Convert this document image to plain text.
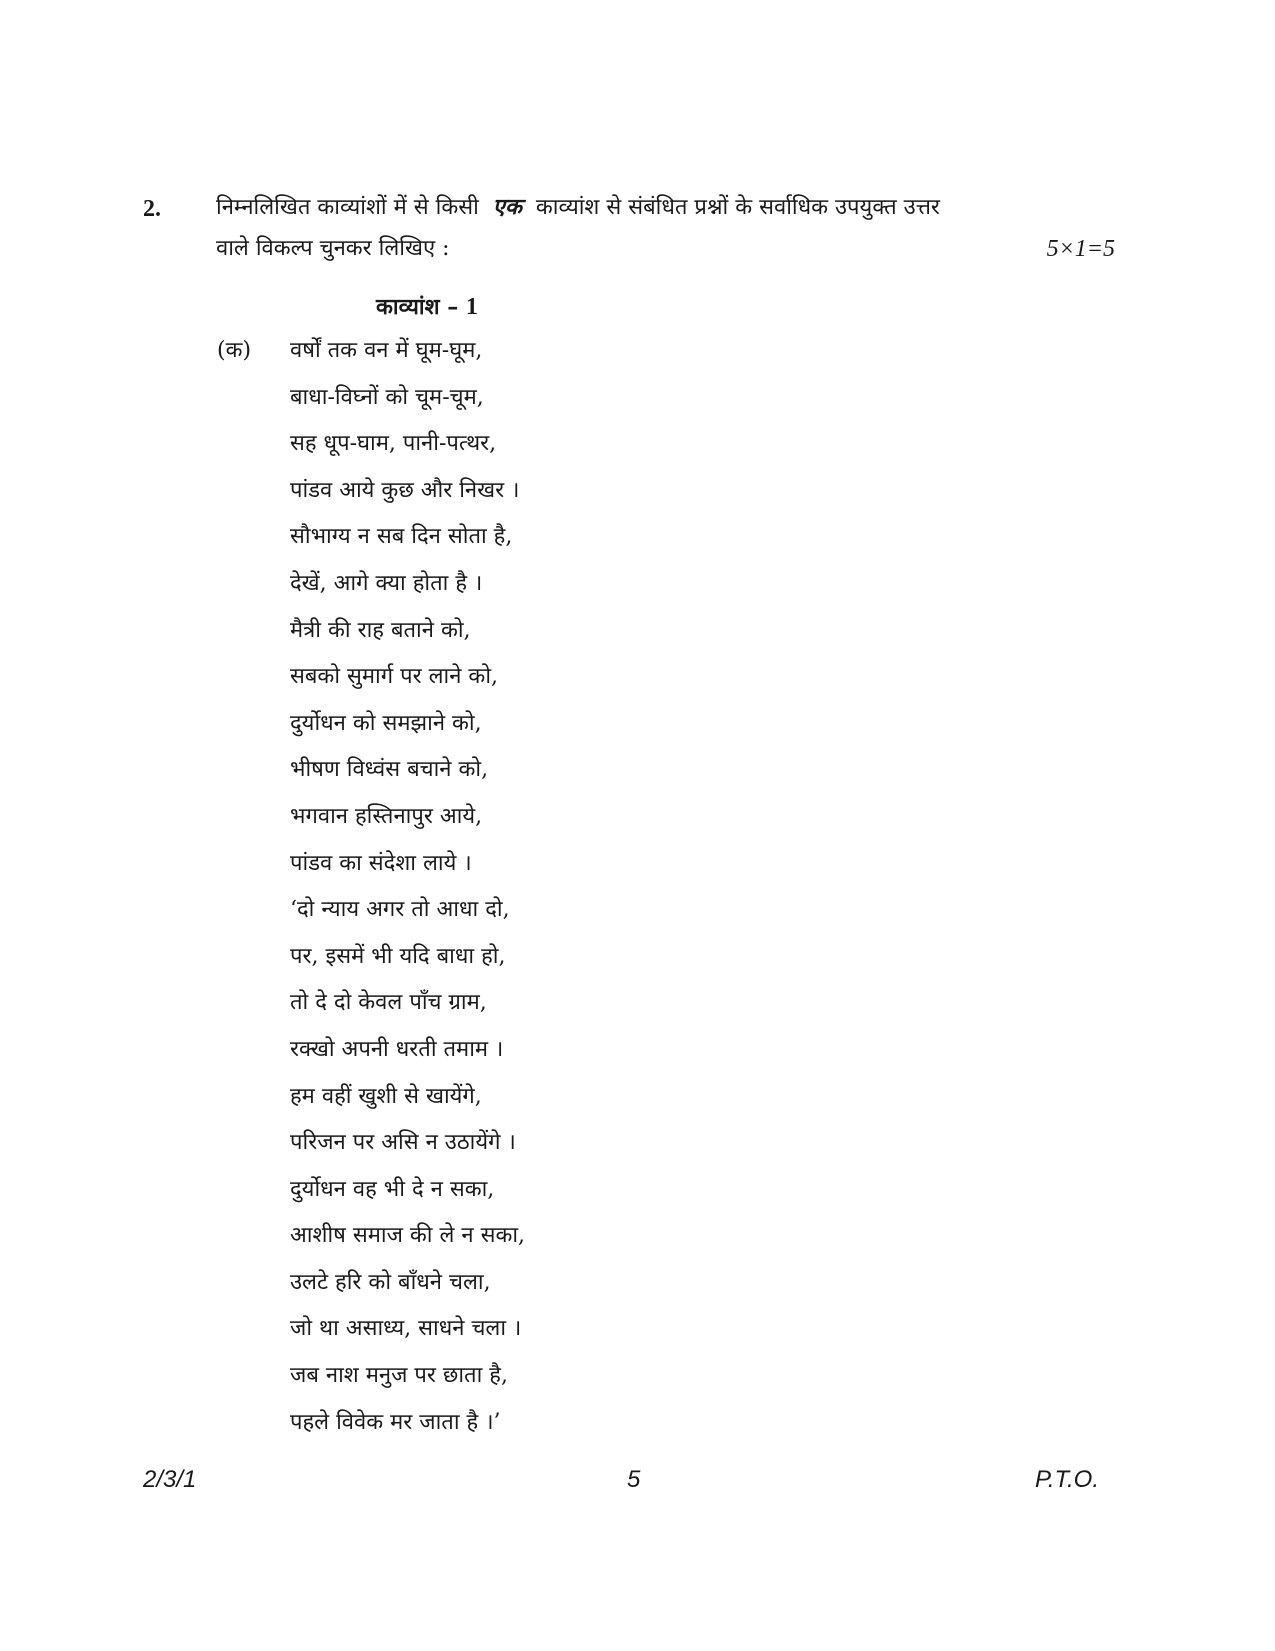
2.	निम्नलिखित काव्यांशों में से किसी एक काव्यांश से संबंधित प्रश्नों के सर्वाधिक उपयुक्त उत्तर
वाले विकल्प चुनकर लिखिए :	5×1=5
काव्यांश – 1
(क) वर्षों तक वन में घूम-घूम,
बाधा-विघ्नों को चूम-चूम,
सह धूप-घाम, पानी-पत्थर,
पांडव आये कुछ और निखर ।
सौभाग्य न सब दिन सोता है,
देखें, आगे क्या होता है ।
मैत्री की राह बताने को,
सबको सुमार्ग पर लाने को,
दुर्योधन को समझाने को,
भीषण विध्वंस बचाने को,
भगवान हस्तिनापुर आये,
पांडव का संदेशा लाये ।
‘दो न्याय अगर तो आधा दो,
पर, इसमें भी यदि बाधा हो,
तो दे दो केवल पाँच ग्राम,
रक्खो अपनी धरती तमाम ।
हम वहीं खुशी से खायेंगे,
परिजन पर असि न उठायेंगे ।
दुर्योधन वह भी दे न सका,
आशीष समाज की ले न सका,
उलटे हरि को बाँधने चला,
जो था असाध्य, साधने चला ।
जब नाश मनुज पर छाता है,
पहले विवेक मर जाता है ।’
2/3/1	5	P.T.O.
